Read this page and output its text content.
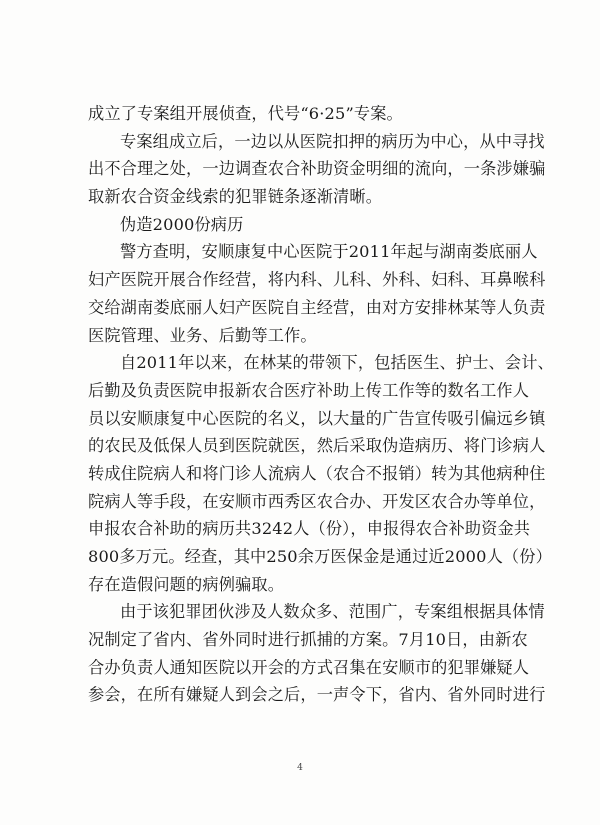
成立了专案组开展侦查，代号“6·25”专案。
专案组成立后，一边以从医院扣押的病历为中心，从中寻找
出不合理之处，一边调查农合补助资金明细的流向，一条涉嫌骗
取新农合资金线索的犯罪链条逐渐清晰。
伪造2000份病历
警方查明，安顺康复中心医院于2011年起与湖南娄底丽人
妇产医院开展合作经营，将内科、儿科、外科、妇科、耳鼻喉科
交给湖南娄底丽人妇产医院自主经营，由对方安排林某等人负责
医院管理、业务、后勤等工作。
自2011年以来，在林某的带领下，包括医生、护士、会计、
后勤及负责医院申报新农合医疗补助上传工作等的数名工作人
员以安顺康复中心医院的名义，以大量的广告宣传吸引偏远乡镇
的农民及低保人员到医院就医，然后采取伪造病历、将门诊病人
转成住院病人和将门诊人流病人（农合不报销）转为其他病种住
院病人等手段，在安顺市西秀区农合办、开发区农合办等单位，
申报农合补助的病历共3242人（份），申报得农合补助资金共
800多万元。经查，其中250余万医保金是通过近2000人（份）
存在造假问题的病例骗取。
由于该犯罪团伙涉及人数众多、范围广，专案组根据具体情
况制定了省内、省外同时进行抓捕的方案。7月10日，由新农
合办负责人通知医院以开会的方式召集在安顺市的犯罪嫌疑人
参会，在所有嫌疑人到会之后，一声令下，省内、省外同时进行
4
